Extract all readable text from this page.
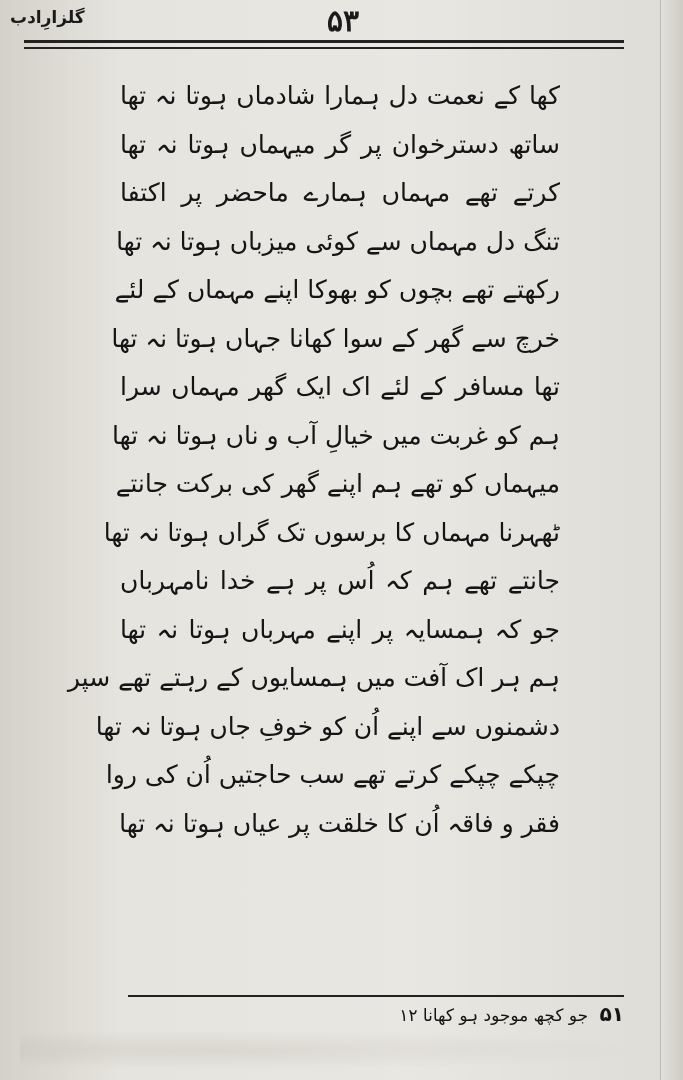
گلزارِادب	۵۳
کھا کے نعمت دل ہمارا شادماں ہوتا نہ تھا
ساتھ دسترخوان پر گر میہماں ہوتا نہ تھا
کرتے تھے مہماں ہمارے ماحضر پر اکتفا
تنگ دل مہماں سے کوئی میزباں ہوتا نہ تھا
رکھتے تھے بچوں کو بھوکا اپنے مہماں کے لئے
خرچ سے گھر کے سوا کھانا جہاں ہوتا نہ تھا
تھا مسافر کے لئے اک ایک گھر مہماں سرا
ہم کو غربت میں خیالِ آب و ناں ہوتا نہ تھا
میہماں کو تھے ہم اپنے گھر کی برکت جانتے
ٹھہرنا مہماں کا برسوں تک گراں ہوتا نہ تھا
جانتے تھے ہم کہ اُس پر ہے خدا نامہرباں
جو کہ ہمسایہ پر اپنے مہرباں ہوتا نہ تھا
ہم ہر اک آفت میں ہمسایوں کے رہتے تھے سپر
دشمنوں سے اپنے اُن کو خوفِ جاں ہوتا نہ تھا
چپکے چپکے کرتے تھے سب حاجتیں اُن کی روا
فقر و فاقہ اُن کا خلقت پر عیاں ہوتا نہ تھا
۵۱ جو کچھ موجود ہو کھانا ۱۲
